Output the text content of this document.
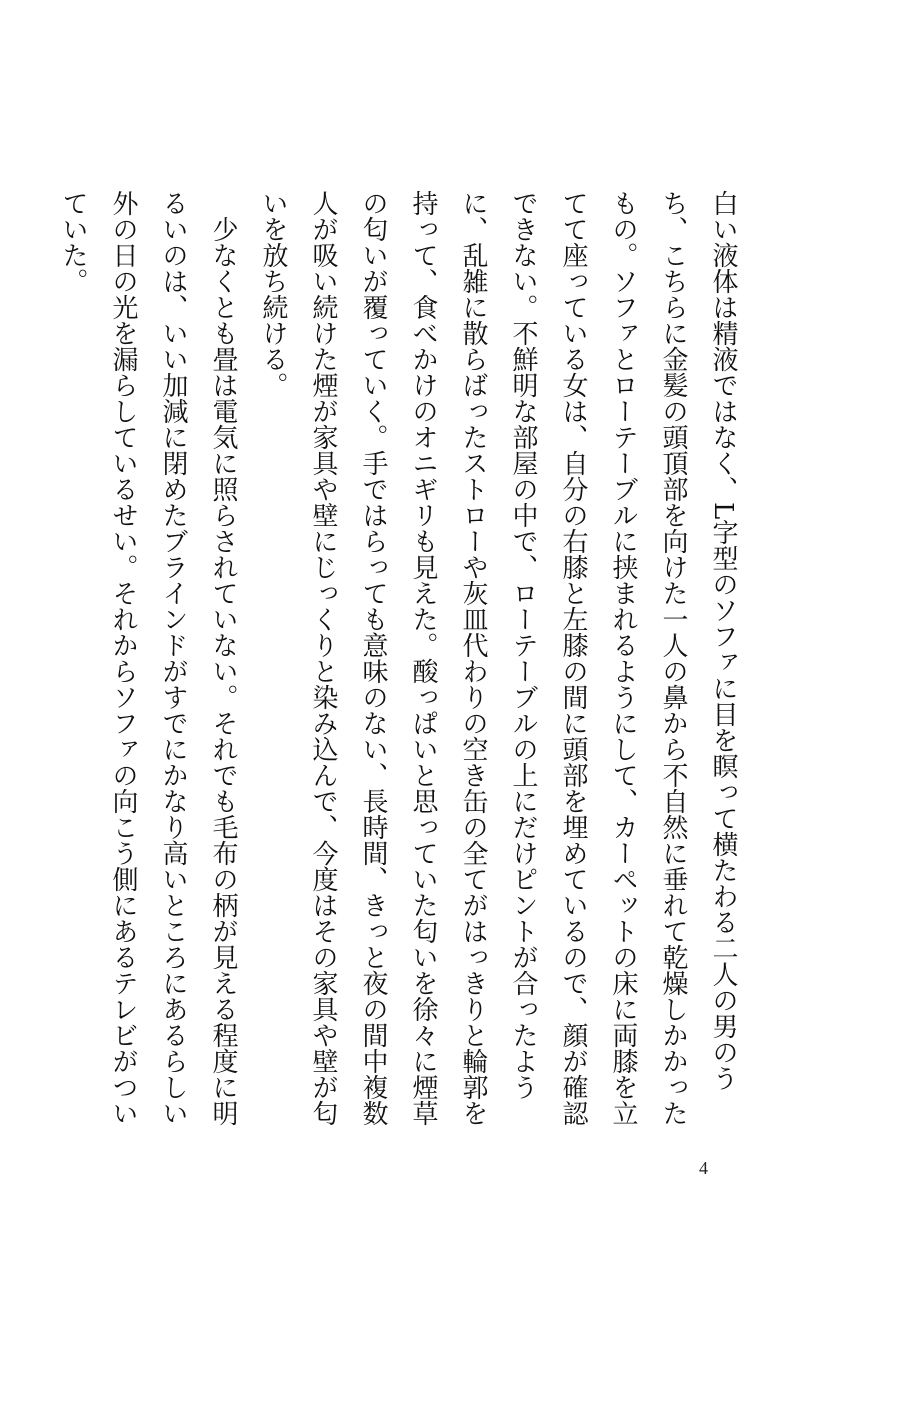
白い液体は精液ではなく、L字型のソファに目を瞑って横たわる二人の男のうち、こちらに金髪の頭頂部を向けた一人の鼻から不自然に垂れて乾燥しかかったもの。ソファとローテーブルに挟まれるようにして、カーペットの床に両膝を立てて座っている女は、自分の右膝と左膝の間に頭部を埋めているので、顔が確認できない。不鮮明な部屋の中で、ローテーブルの上にだけピントが合ったように、乱雑に散らばったストローや灰皿代わりの空き缶の全てがはっきりと輪郭を持って、食べかけのオニギリも見えた。酸っぱいと思っていた匂いを徐々に煙草の匂いが覆っていく。手ではらっても意味のない、長時間、きっと夜の間中複数人が吸い続けた煙が家具や壁にじっくりと染み込んで、今度はその家具や壁が匂いを放ち続ける。

　少なくとも畳は電気に照らされていない。それでも毛布の柄が見える程度に明るいのは、いい加減に閉めたブラインドがすでにかなり高いところにあるらしい外の日の光を漏らしているせい。それからソファの向こう側にあるテレビがついていた。

4
